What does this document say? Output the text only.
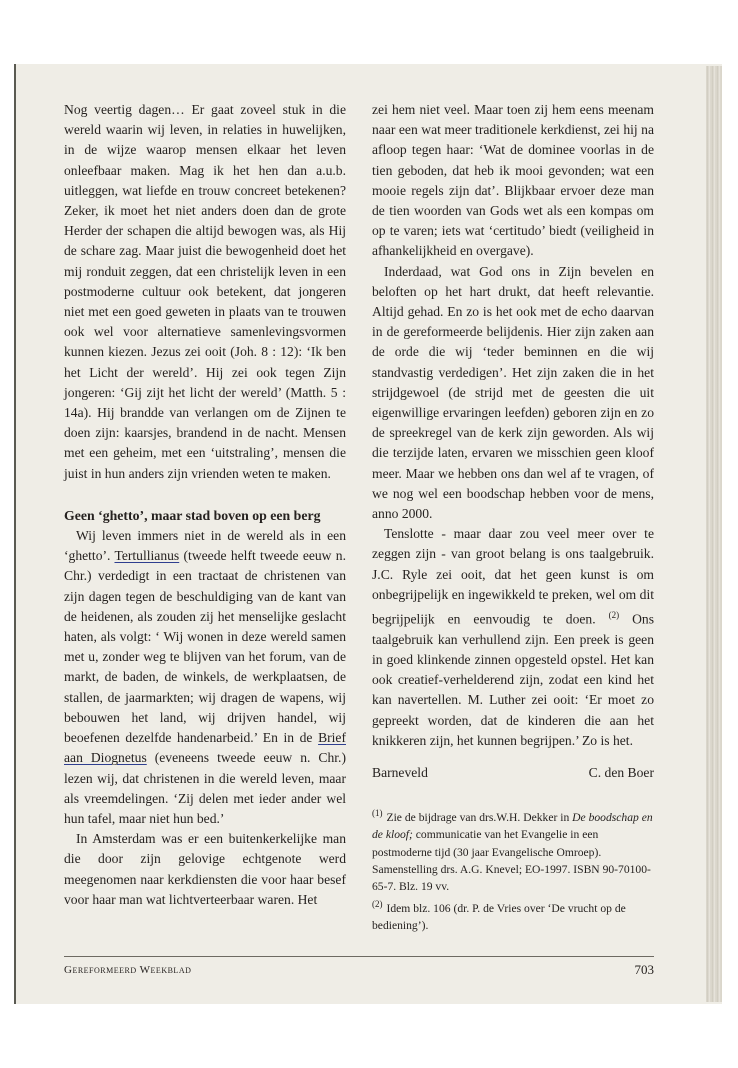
Nog veertig dagen… Er gaat zoveel stuk in die wereld waarin wij leven, in relaties in huwelijken, in de wijze waarop mensen elkaar het leven onleefbaar maken. Mag ik het hen dan a.u.b. uitleggen, wat liefde en trouw concreet betekenen? Zeker, ik moet het niet anders doen dan de grote Herder der schapen die altijd bewogen was, als Hij de schare zag. Maar juist die bewogenheid doet het mij ronduit zeggen, dat een christelijk leven in een postmoderne cultuur ook betekent, dat jongeren niet met een goed geweten in plaats van te trouwen ook wel voor alternatieve samenlevingsvormen kunnen kiezen. Jezus zei ooit (Joh. 8 : 12): ‘Ik ben het Licht der wereld’. Hij zei ook tegen Zijn jongeren: ‘Gij zijt het licht der wereld’ (Matth. 5 : 14a). Hij brandde van verlangen om de Zijnen te doen zijn: kaarsjes, brandend in de nacht. Mensen met een geheim, met een ‘uitstraling’, mensen die juist in hun anders zijn vrienden weten te maken.

Geen ‘ghetto’, maar stad boven op een berg

Wij leven immers niet in de wereld als in een ‘ghetto’. Tertullianus (tweede helft tweede eeuw n. Chr.) verdedigt in een tractaat de christenen van zijn dagen tegen de beschuldiging van de kant van de heidenen, als zouden zij het menselijke geslacht haten, als volgt: ‘ Wij wonen in deze wereld samen met u, zonder weg te blijven van het forum, van de markt, de baden, de winkels, de werkplaatsen, de stallen, de jaarmarkten; wij dragen de wapens, wij bebouwen het land, wij drijven handel, wij beoefenen dezelfde handenarbeid.’ En in de Brief aan Diognetus (eveneens tweede eeuw n. Chr.) lezen wij, dat christenen in die wereld leven, maar als vreemdelingen. ‘Zij delen met ieder ander wel hun tafel, maar niet hun bed.’

In Amsterdam was er een buitenkerkelijke man die door zijn gelovige echtgenote werd meegenomen naar kerkdiensten die voor haar besef voor haar man wat lichtverteerbaar waren. Het

zei hem niet veel. Maar toen zij hem eens meenam naar een wat meer traditionele kerkdienst, zei hij na afloop tegen haar: ‘Wat de dominee voorlas in de tien geboden, dat heb ik mooi gevonden; wat een mooie regels zijn dat’. Blijkbaar ervoer deze man de tien woorden van Gods wet als een kompas om op te varen; iets wat ‘certitudo’ biedt (veiligheid in afhankelijkheid en overgave).

Inderdaad, wat God ons in Zijn bevelen en beloften op het hart drukt, dat heeft relevantie. Altijd gehad. En zo is het ook met de echo daarvan in de gereformeerde belijdenis. Hier zijn zaken aan de orde die wij ‘teder beminnen en die wij standvastig verdedigen’. Het zijn zaken die in het strijdgewoel (de strijd met de geesten die uit eigenwillige ervaringen leefden) geboren zijn en zo de spreekregel van de kerk zijn geworden. Als wij die terzijde laten, ervaren we misschien geen kloof meer. Maar we hebben ons dan wel af te vragen, of we nog wel een boodschap hebben voor de mens, anno 2000.

Tenslotte - maar daar zou veel meer over te zeggen zijn - van groot belang is ons taalgebruik. J.C. Ryle zei ooit, dat het geen kunst is om onbegrijpelijk en ingewikkeld te preken, wel om dit begrijpelijk en eenvoudig te doen. $^{(2)}$ Ons taalgebruik kan verhullend zijn. Een preek is geen in goed klinkende zinnen opgesteld opstel. Het kan ook creatief-verhelderend zijn, zodat een kind het kan navertellen. M. Luther zei ooit: ‘Er moet zo gepreekt worden, dat de kinderen die aan het knikkeren zijn, het kunnen begrijpen.’ Zo is het.

Barneveld	C. den Boer

$^{(1)}$ Zie de bijdrage van drs.W.H. Dekker in De boodschap en de kloof; communicatie van het Evangelie in een postmoderne tijd (30 jaar Evangelische Omroep). Samenstelling drs. A.G. Knevel; EO-1997. ISBN 90-70100-65-7. Blz. 19 vv.

$^{(2)}$ Idem blz. 106 (dr. P. de Vries over ‘De vrucht op de bediening’).

Gereformeerd Weekblad	703
